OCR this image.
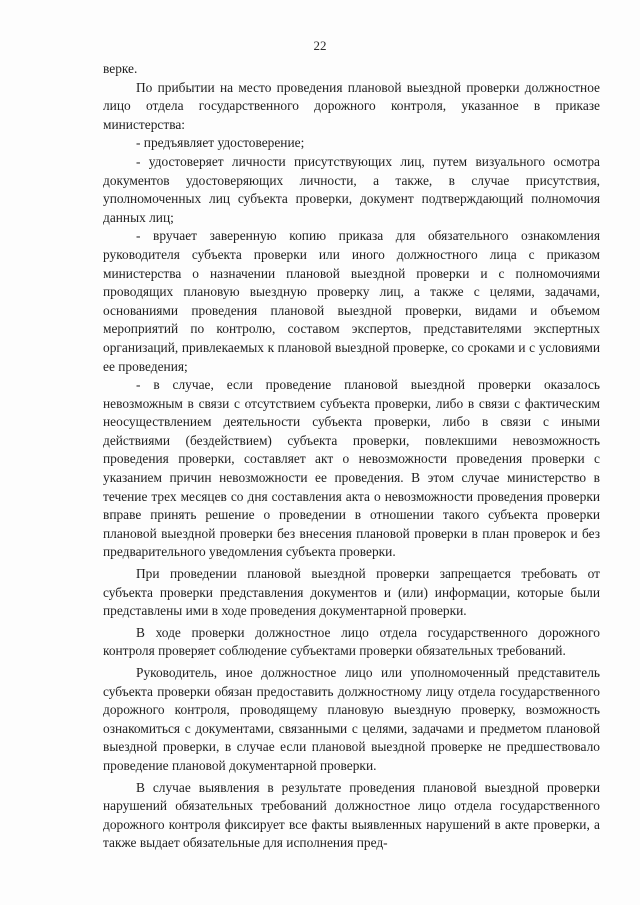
22

верке.

По прибытии на место проведения плановой выездной проверки должностное лицо отдела государственного дорожного контроля, указанное в приказе министерства:

- предъявляет удостоверение;

- удостоверяет личности присутствующих лиц, путем визуального осмотра документов удостоверяющих личности, а также, в случае присутствия, уполномоченных лиц субъекта проверки, документ подтверждающий полномочия данных лиц;

- вручает заверенную копию приказа для обязательного ознакомления руководителя субъекта проверки или иного должностного лица с приказом министерства о назначении плановой выездной проверки и с полномочиями проводящих плановую выездную проверку лиц, а также с целями, задачами, основаниями проведения плановой выездной проверки, видами и объемом мероприятий по контролю, составом экспертов, представителями экспертных организаций, привлекаемых к плановой выездной проверке, со сроками и с условиями ее проведения;

- в случае, если проведение плановой выездной проверки оказалось невозможным в связи с отсутствием субъекта проверки, либо в связи с фактическим неосуществлением деятельности субъекта проверки, либо в связи с иными действиями (бездействием) субъекта проверки, повлекшими невозможность проведения проверки, составляет акт о невозможности проведения проверки с указанием причин невозможности ее проведения. В этом случае министерство в течение трех месяцев со дня составления акта о невозможности проведения проверки вправе принять решение о проведении в отношении такого субъекта проверки плановой выездной проверки без внесения плановой проверки в план проверок и без предварительного уведомления субъекта проверки.

При проведении плановой выездной проверки запрещается требовать от субъекта проверки представления документов и (или) информации, которые были представлены ими в ходе проведения документарной проверки.

В ходе проверки должностное лицо отдела государственного дорожного контроля проверяет соблюдение субъектами проверки обязательных требований.

Руководитель, иное должностное лицо или уполномоченный представитель субъекта проверки обязан предоставить должностному лицу отдела государственного дорожного контроля, проводящему плановую выездную проверку, возможность ознакомиться с документами, связанными с целями, задачами и предметом плановой выездной проверки, в случае если плановой выездной проверке не предшествовало проведение плановой документарной проверки.

В случае выявления в результате проведения плановой выездной проверки нарушений обязательных требований должностное лицо отдела государственного дорожного контроля фиксирует все факты выявленных нарушений в акте проверки, а также выдает обязательные для исполнения пред-
